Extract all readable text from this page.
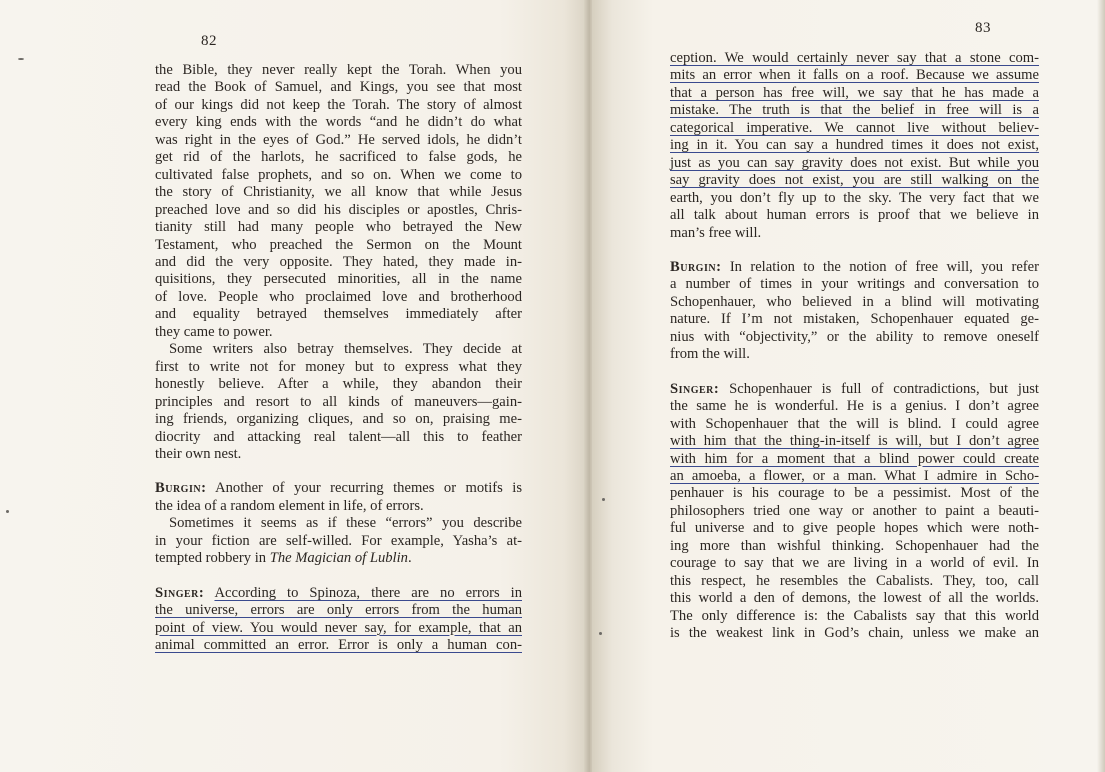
82

the Bible, they never really kept the Torah. When you

read the Book of Samuel, and Kings, you see that most

of our kings did not keep the Torah. The story of almost

every king ends with the words “and he didn’t do what

was right in the eyes of God.” He served idols, he didn’t

get rid of the harlots, he sacrificed to false gods, he

cultivated false prophets, and so on. When we come to

the story of Christianity, we all know that while Jesus

preached love and so did his disciples or apostles, Chris-

tianity still had many people who betrayed the New

Testament, who preached the Sermon on the Mount

and did the very opposite. They hated, they made in-

quisitions, they persecuted minorities, all in the name

of love. People who proclaimed love and brotherhood

and equality betrayed themselves immediately after

they came to power.

Some writers also betray themselves. They decide at

first to write not for money but to express what they

honestly believe. After a while, they abandon their

principles and resort to all kinds of maneuvers—gain-

ing friends, organizing cliques, and so on, praising me-

diocrity and attacking real talent—all this to feather

their own nest.

Burgin: Another of your recurring themes or motifs is

the idea of a random element in life, of errors.

Sometimes it seems as if these “errors” you describe

in your fiction are self-willed. For example, Yasha’s at-

tempted robbery in The Magician of Lublin.

Singer: According to Spinoza, there are no errors in

the universe, errors are only errors from the human

point of view. You would never say, for example, that an

animal committed an error. Error is only a human con-

83

ception. We would certainly never say that a stone com-

mits an error when it falls on a roof. Because we assume

that a person has free will, we say that he has made a

mistake. The truth is that the belief in free will is a

categorical imperative. We cannot live without believ-

ing in it. You can say a hundred times it does not exist,

just as you can say gravity does not exist. But while you

say gravity does not exist, you are still walking on the

earth, you don’t fly up to the sky. The very fact that we

all talk about human errors is proof that we believe in

man’s free will.

Burgin: In relation to the notion of free will, you refer

a number of times in your writings and conversation to

Schopenhauer, who believed in a blind will motivating

nature. If I’m not mistaken, Schopenhauer equated ge-

nius with “objectivity,” or the ability to remove oneself

from the will.

Singer: Schopenhauer is full of contradictions, but just

the same he is wonderful. He is a genius. I don’t agree

with Schopenhauer that the will is blind. I could agree

with him that the thing-in-itself is will, but I don’t agree

with him for a moment that a blind power could create

an amoeba, a flower, or a man. What I admire in Scho-

penhauer is his courage to be a pessimist. Most of the

philosophers tried one way or another to paint a beauti-

ful universe and to give people hopes which were noth-

ing more than wishful thinking. Schopenhauer had the

courage to say that we are living in a world of evil. In

this respect, he resembles the Cabalists. They, too, call

this world a den of demons, the lowest of all the worlds.

The only difference is: the Cabalists say that this world

is the weakest link in God’s chain, unless we make an
